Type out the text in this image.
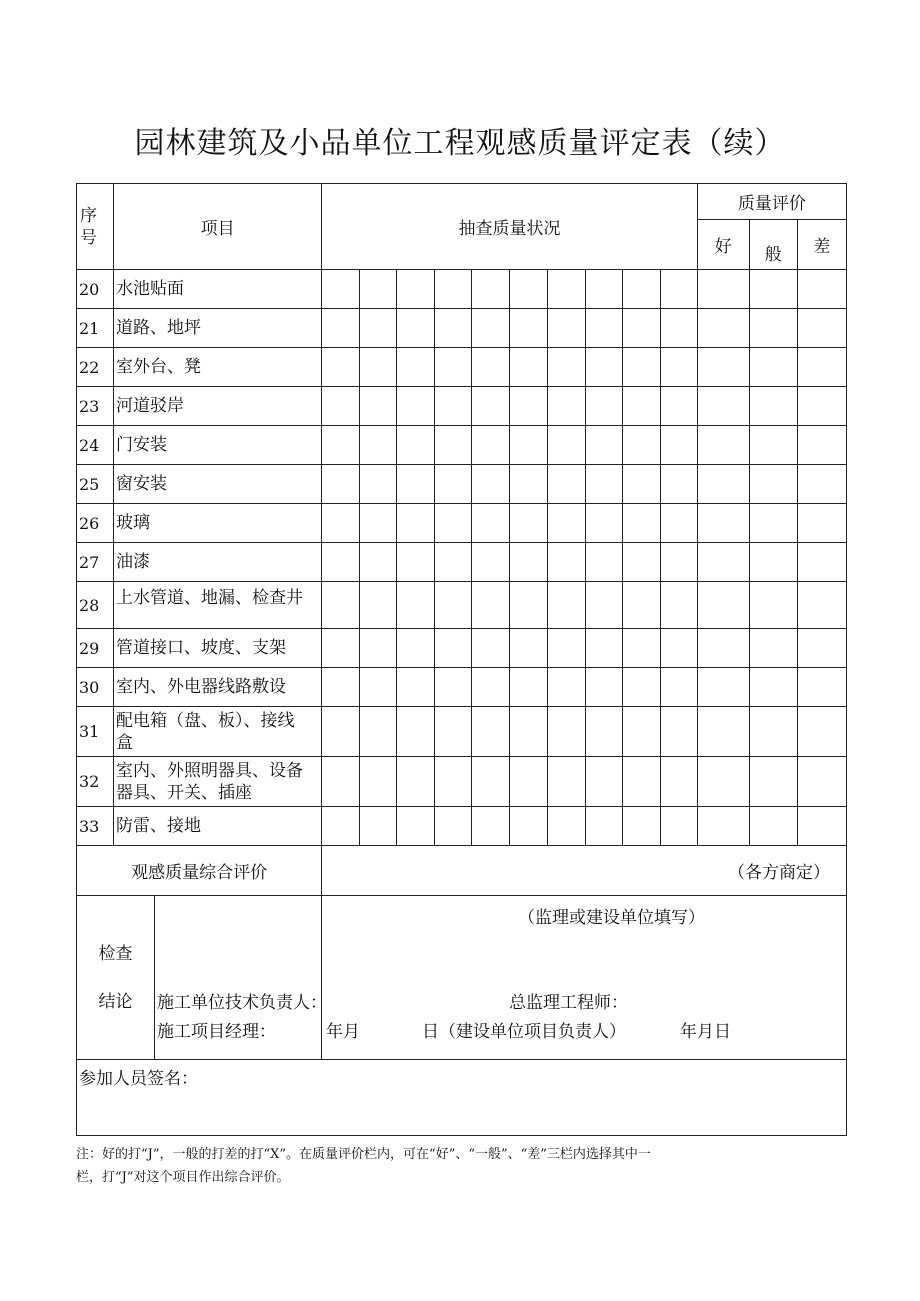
园林建筑及小品单位工程观感质量评定表（续）
序
号	项目	抽查质量状况										质量评价		
												好	般	差
20	水池贴面													
21	道路、地坪													
22	室外台、凳													
23	河道驳岸													
24	门安装													
25	窗安装													
26	玻璃													
27	油漆													
28	上水管道、地漏、检查井													
29	管道接口、坡度、支架													
30	室内、外电器线路敷设													
31	配电箱（盘、板）、接线
盒													

32	室内、外照明器具、设备
器具、开关、插座													

33	防雷、接地													
观感质量综合评价		（各方商定）												

检查
结论														

参加人员签名：														
（监理或建设单位填写）
施工单位技术负责人：	总监理工程师：
施工项目经理：	年月	日（建设单位项目负责人）	年月日
注：好的打“J”，一般的打差的打“X”。在质量评价栏内，可在“好”、“一般”、“差”三栏内选择其中一
栏，打“J”对这个项目作出综合评价。
